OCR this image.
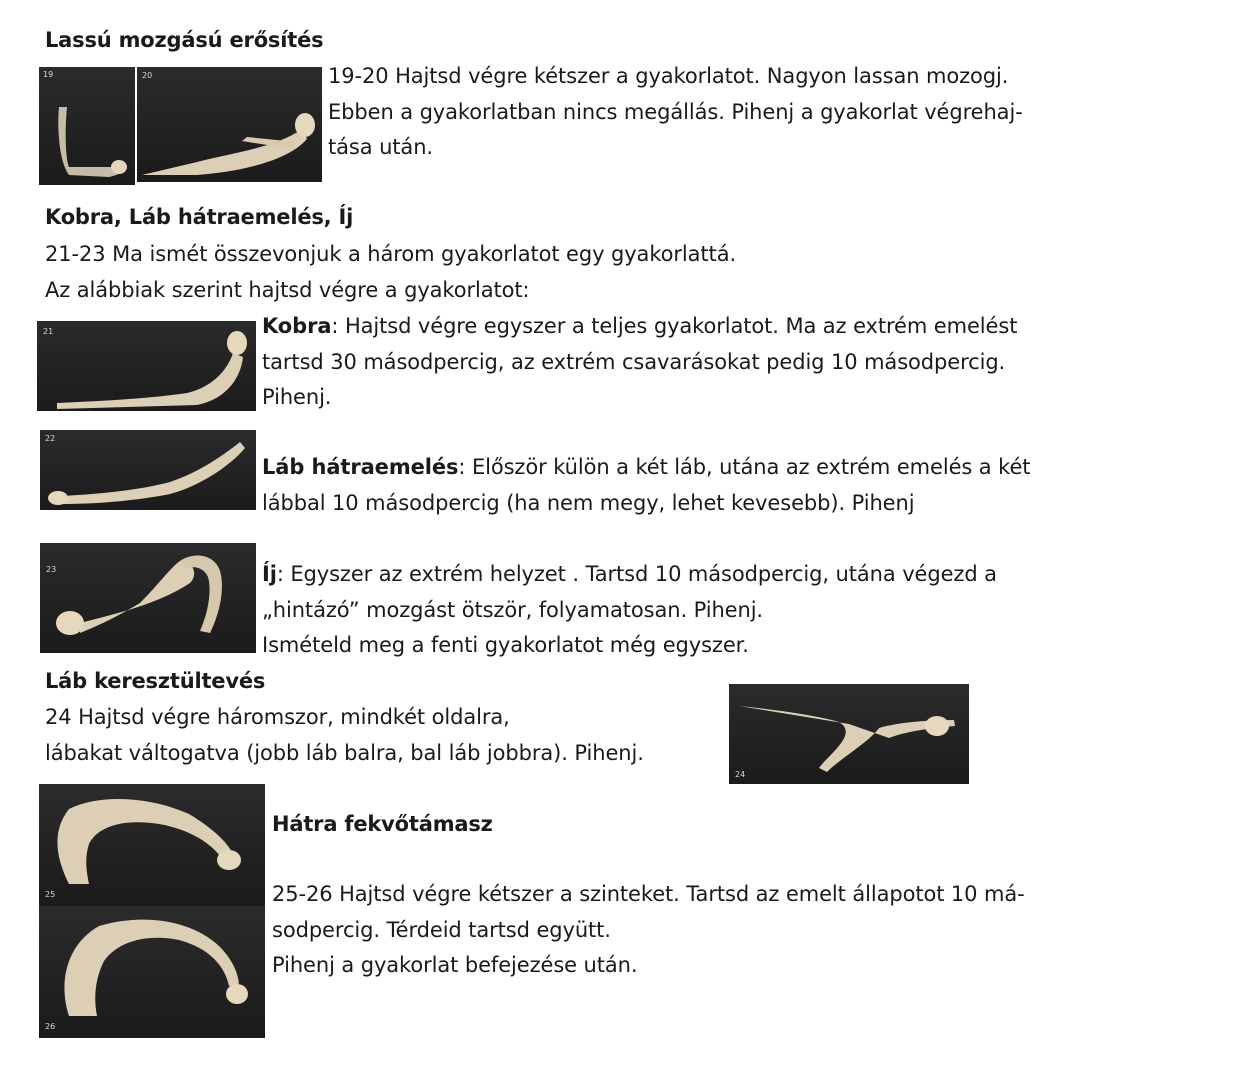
Lassú mozgású erősítés
19	20	19-20 Hajtsd végre kétszer a gyakorlatot. Nagyon lassan mozogj.
Ebben a gyakorlatban nincs megállás. Pihenj a gyakorlat végrehaj-
tása után.
Kobra, Láb hátraemelés, Íj
21-23 Ma ismét összevonjuk a három gyakorlatot egy gyakorlattá.
Az alábbiak szerint hajtsd végre a gyakorlatot:
21	Kobra: Hajtsd végre egyszer a teljes gyakorlatot. Ma az extrém emelést
tartsd 30 másodpercig, az extrém csavarásokat pedig 10 másodpercig.
Pihenj.
22
Láb hátraemelés: Először külön a két láb, utána az extrém emelés a két
lábbal 10 másodpercig (ha nem megy, lehet kevesebb). Pihenj
23	Íj: Egyszer az extrém helyzet . Tartsd 10 másodpercig, utána végezd a
„hintázó” mozgást ötször, folyamatosan. Pihenj.
Ismételd meg a fenti gyakorlatot még egyszer.
Láb keresztültevés
24 Hajtsd végre háromszor, mindkét oldalra,
lábakat váltogatva (jobb láb balra, bal láb jobbra). Pihenj.
24
25
26
Hátra fekvőtámasz
25-26 Hajtsd végre kétszer a szinteket. Tartsd az emelt állapotot 10 má-
sodpercig. Térdeid tartsd együtt.
Pihenj a gyakorlat befejezése után.
